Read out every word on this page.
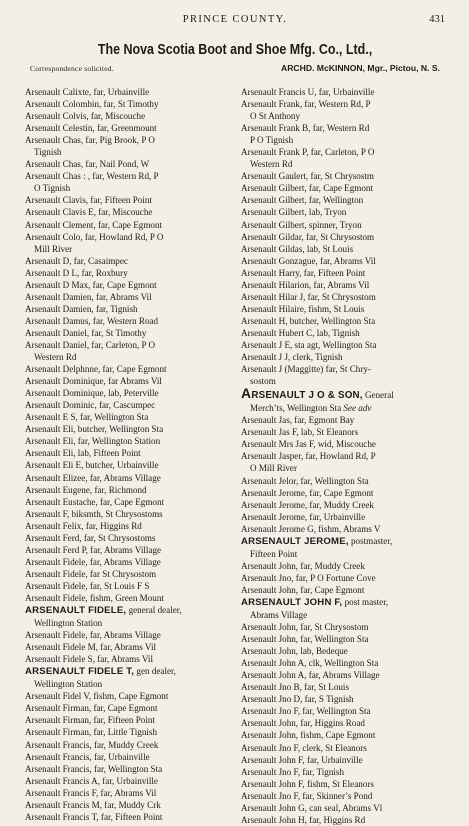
PRINCE COUNTY.	431
The Nova Scotia Boot and Shoe Mfg. Co., Ltd.,
Correspondence solicited.	ARCHD. McKINNON, Mgr., Pictou, N. S.
Arsenault Calixte, far, Urbainville
Arsenault Colombin, far, St Timothy
Arsenault Colvis, far, Miscouche
Arsenault Celestin, far, Greenmount
Arsenault Chas, far, Pig Brook, P O
Tignish
Arsenault Chas, far, Nail Pond, W
Arsenault Chas : , far, Western Rd, P
O Tignish
Arsenault Clavis, far, Fifteen Point
Arsenault Clavis E, far, Miscouche
Arsenault Clement, far, Cape Egmont
Arsenault Colo, far, Howland Rd, P O
Mill River
Arsenault D, far, Casaimpec
Arsenault D L, far, Roxbury
Arsenault D Max, far, Cape Egmont
Arsenault Damien, far, Abrams Vil
Arsenault Damien, far, Tignish
Arsenault Damus, far, Western Road
Arsenault Daniel, far, St Timothy
Arsenault Daniel, far, Carleton, P O
Western Rd
Arsenault Delphnne, far, Cape Egmont
Arsenault Dominique, far Abrams Vil
Arsenault Dominique, lab, Peterville
Arsenault Dominic, far, Cascumpec
Arsenault E S, far, Wellington Sta
Arsenault Eli, butcher, Wellington Sta
Arsenault Eli, far, Wellington Station
Arsenault Eli, lab, Fifteen Point
Arsenault Eli E, butcher, Urbainville
Arsenault Elizee, far, Abrams Village
Arsenault Eugene, far, Richmond
Arsenault Eustache, far, Cape Egmont
Arsenault F, biksmth, St Chrysostoms
Arsenault Felix, far, Higgins Rd
Arsenault Ferd, far, St Chrysostoms
Arsenault Ferd P, far, Abrams Village
Arsenault Fidele, far, Abrams Village
Arsenault Fidele, far St Chrysostom
Arsenault Fidele, far, St Louis F S
Arsenault Fidele, fishm, Green Mount
ARSENAULT FIDELE, general dealer,
Wellington Station
Arsenault Fidele, far, Abrams Village
Arsenault Fidele M, far, Abrams Vil
Arsenault Fidele S, far, Abrams Vil
ARSENAULT FIDELE T, gen dealer,
Wellington Station
Arsenault Fidel V, fishm, Cape Egmont
Arsenault Firman, far, Cape Egmont
Arsenault Firman, far, Fifteen Point
Arsenault Firman, far, Little Tignish
Arsenault Francis, far, Muddy Creek
Arsenault Francis, far, Urbainville
Arsenault Francis, far, Wellington Sta
Arsenault Francis A, far, Urbainville
Arsenault Francis F, far, Abrams Vil
Arsenault Francis M, far, Muddy Crk
Arsenault Francis T, far, Fifteen Point
Arsenault Francis U, far, Urbainville
Arsenault Frank, far, Western Rd, P
O St Anthony
Arsenault Frank B, far, Western Rd
P O Tignish
Arsenault Frank P, far, Carleton, P O
Western Rd
Arsenault Gaulert, far, St Chrysostm
Arsenault Gilbert, far, Cape Egmont
Arsenault Gilbert, far, Wellington
Arsenault Gilbert, lab, Tryon
Arsenault Gilbert, spinner, Tryon
Arsenault Gildar, far, St Chrysostom
Arsenault Gildas, lab, St Louis
Arsenault Gonzague, far, Abrams Vil
Arsenault Harry, far, Fifteen Point
Arsenault Hilarion, far, Abrams Vil
Arsenault Hilar J, far, St Chrysostom
Arsenault Hilaire, fishm, St Louis
Arsenault H, butcher, Wellington Sta
Arsenault Hubert C, lab, Tignish
Arsenault J E, sta agt, Wellington Sta
Arsenault J J, clerk, Tignish
Arsenault J (Maggitte) far, St Chry-
sostom
ARSENAULT J O & SON, General
Merch’ts, Wellington Sta See adv
Arsenault Jas, far, Egmont Bay
Arsenault Jas F, lab, St Eleanors
Arsenault Mrs Jas F, wid, Miscouche
Arsenault Jasper, far, Howland Rd, P
O Mill River
Arsenault Jelor, far, Wellington Sta
Arsenault Jerome, far, Cape Egmont
Arsenault Jerome, far, Muddy Creek
Arsenault Jerome, far, Urbainville
Arsenault Jerome G, fishm, Abrams V
ARSENAULT JEROME, postmaster,
Fifteen Point
Arsenault John, far, Muddy Creek
Arsenault Jno, far, P O Fortune Cove
Arsenault John, far, Cape Egmont
ARSENAULT JOHN F, post master,
Abrams Village
Arsenault John, far, St Chrysostom
Arsenault John, far, Wellington Sta
Arsenault John, lab, Bedeque
Arsenault John A, clk, Wellington Sta
Arsenault John A, far, Abrams Village
Arsenault Jno B, far, St Louis
Arsenault Jno D, far, S Tignish
Arsenault Jno F, far, Wellington Sta
Arsenault John, far, Higgins Road
Arsenault John, fishm, Cape Egmont
Arsenault Jno F, clerk, St Eleanors
Arsenault John F, far, Urbainville
Arsenault Jno F, far, Tignish
Arsenault John F, fishm, St Eleanors
Arsenault Jno F, far, Skinner’s Pond
Arsenault John G, can seal, Abrams Vl
Arsenault John H, far, Higgins Rd
